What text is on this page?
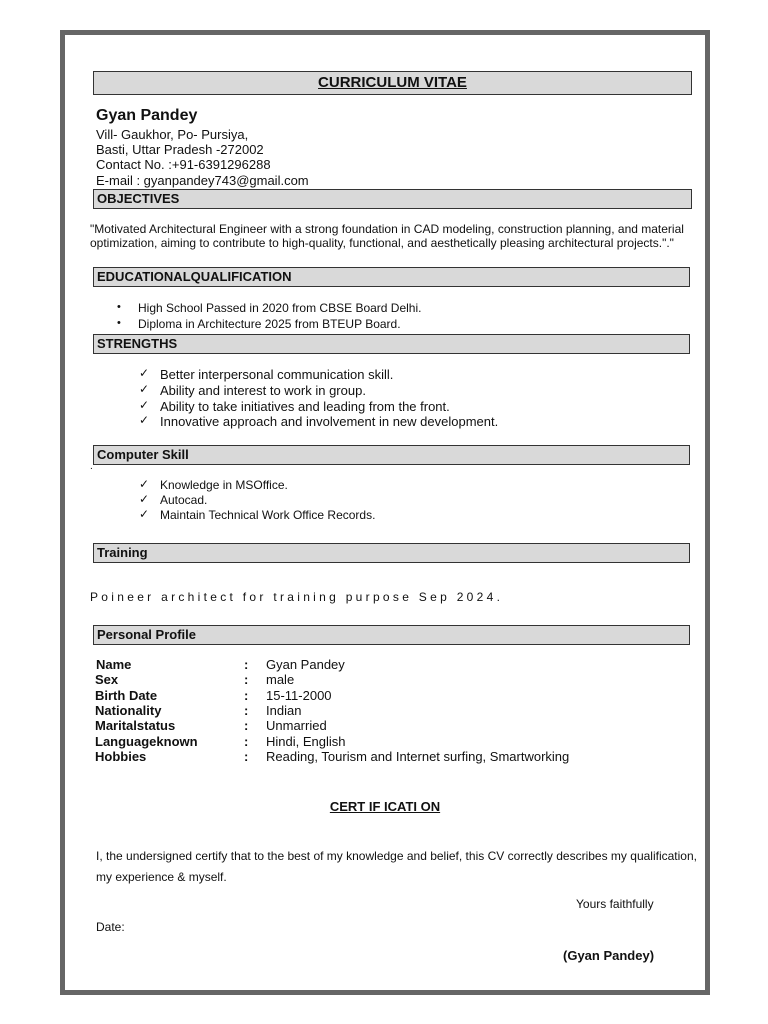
CURRICULUM VITAE
Gyan Pandey
Vill- Gaukhor, Po- Pursiya,
Basti, Uttar Pradesh -272002
Contact No. :+91-6391296288
E-mail : gyanpandey743@gmail.com
OBJECTIVES
"Motivated Architectural Engineer with a strong foundation in CAD modeling, construction planning, and material
optimization, aiming to contribute to high-quality, functional, and aesthetically pleasing architectural projects."."
EDUCATIONALQUALIFICATION
• High School Passed in 2020 from CBSE Board Delhi.
• Diploma in Architecture 2025 from BTEUP Board.
STRENGTHS
✓ Better interpersonal communication skill.
✓ Ability and interest to work in group.
✓ Ability to take initiatives and leading from the front.
✓ Innovative approach and involvement in new development.
Computer Skill
.
✓ Knowledge in MSOffice.
✓ Autocad.
✓ Maintain Technical Work Office Records.
Training
Poineer architect for training purpose Sep 2024.
Personal Profile
Name	: Gyan Pandey
Sex	: male
Birth Date	: 15-11-2000
Nationality	: Indian
Maritalstatus	: Unmarried
Languageknown	: Hindi, English
Hobbies	: Reading, Tourism and Internet surfing, Smartworking
CERT IF ICATI ON
I, the undersigned certify that to the best of my knowledge and belief, this CV correctly describes my qualification,
my experience & myself.
Yours faithfully
Date:
(Gyan Pandey)
